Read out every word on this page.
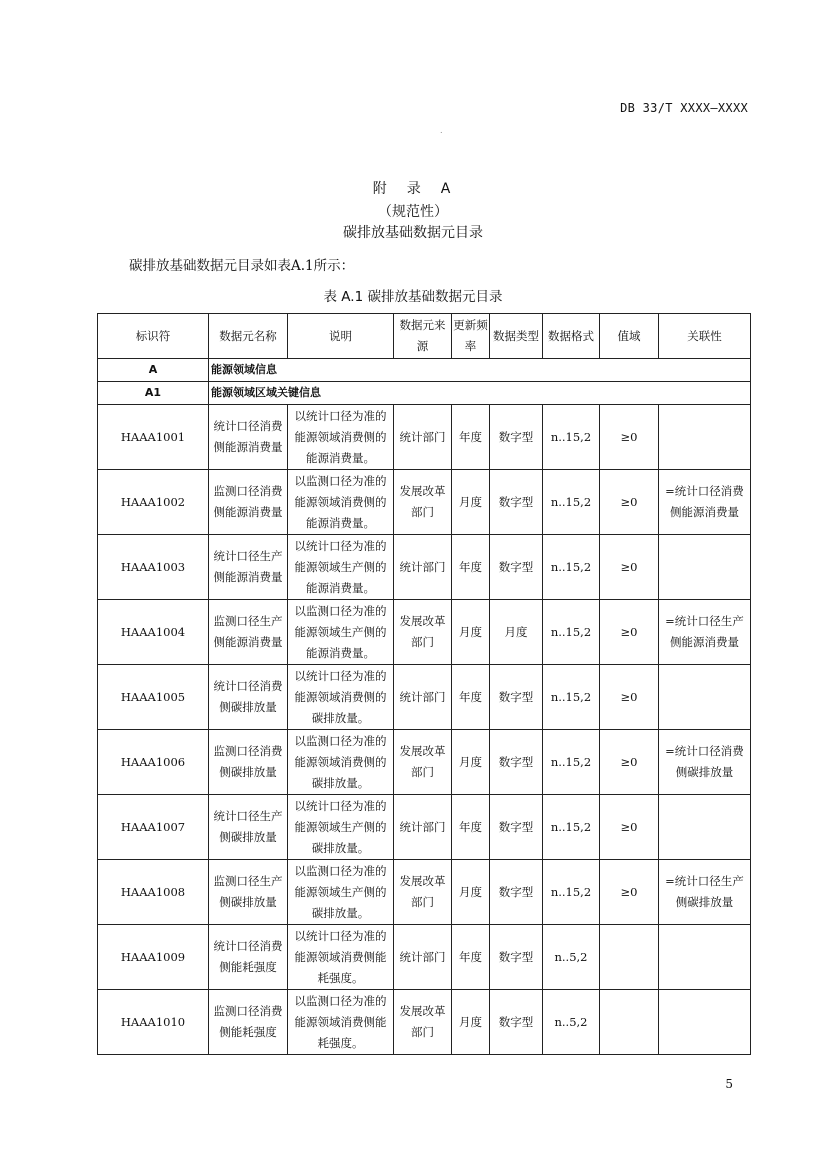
DB 33/T XXXX—XXXX
.
附　录　A
（规范性）
碳排放基础数据元目录
碳排放基础数据元目录如表A.1所示：
表 A.1 碳排放基础数据元目录
标识符	数据元名称	说明	数据元来源	更新频率	数据类型	数据格式	值域	关联性
A	能源领域信息							
A1	能源领域区域关键信息							
HAAA1001	统计口径消费侧能源消费量	以统计口径为准的能源领域消费侧的能源消费量。	统计部门	年度	数字型	n..15,2	≥0	
HAAA1002	监测口径消费侧能源消费量	以监测口径为准的能源领域消费侧的能源消费量。	发展改革部门	月度	数字型	n..15,2	≥0	=统计口径消费侧能源消费量
HAAA1003	统计口径生产侧能源消费量	以统计口径为准的能源领域生产侧的能源消费量。	统计部门	年度	数字型	n..15,2	≥0	
HAAA1004	监测口径生产侧能源消费量	以监测口径为准的能源领域生产侧的能源消费量。	发展改革部门	月度	月度	n..15,2	≥0	=统计口径生产侧能源消费量
HAAA1005	统计口径消费侧碳排放量	以统计口径为准的能源领域消费侧的碳排放量。	统计部门	年度	数字型	n..15,2	≥0	
HAAA1006	监测口径消费侧碳排放量	以监测口径为准的能源领域消费侧的碳排放量。	发展改革部门	月度	数字型	n..15,2	≥0	=统计口径消费侧碳排放量
HAAA1007	统计口径生产侧碳排放量	以统计口径为准的能源领域生产侧的碳排放量。	统计部门	年度	数字型	n..15,2	≥0	
HAAA1008	监测口径生产侧碳排放量	以监测口径为准的能源领域生产侧的碳排放量。	发展改革部门	月度	数字型	n..15,2	≥0	=统计口径生产侧碳排放量
HAAA1009	统计口径消费侧能耗强度	以统计口径为准的能源领域消费侧能耗强度。	统计部门	年度	数字型	n..5,2		
HAAA1010	监测口径消费侧能耗强度	以监测口径为准的能源领域消费侧能耗强度。	发展改革部门	月度	数字型	n..5,2		
5
